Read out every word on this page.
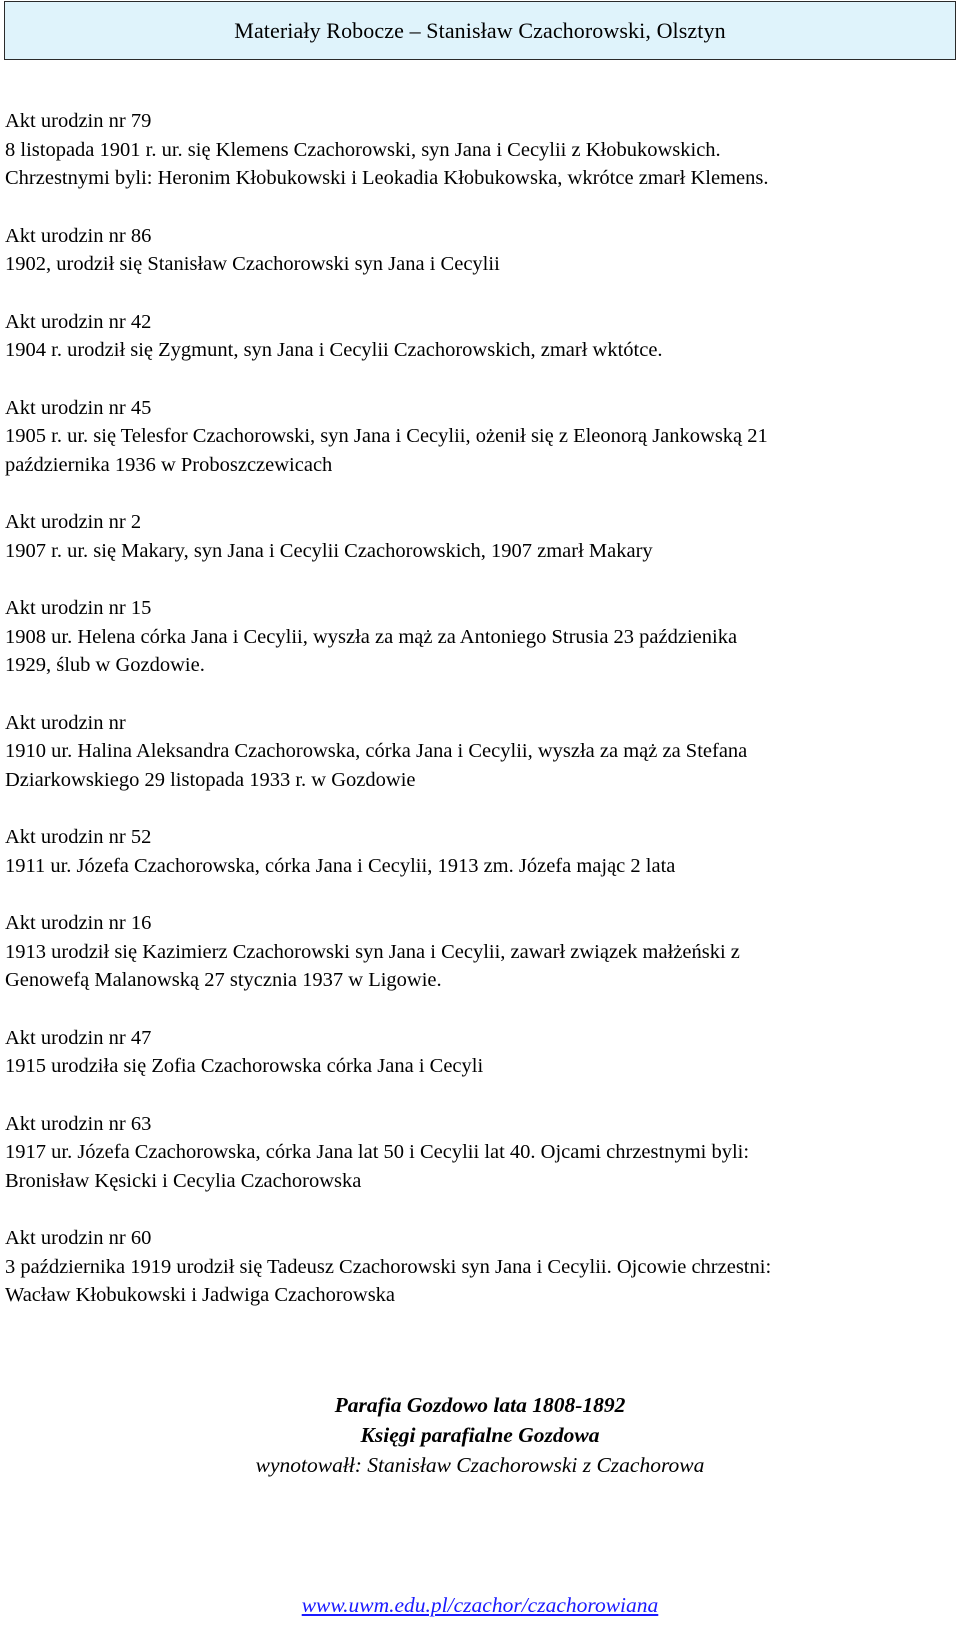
Materiały Robocze – Stanisław Czachorowski, Olsztyn

Akt urodzin nr 79

8 listopada 1901 r. ur. się Klemens Czachorowski, syn Jana i Cecylii z Kłobukowskich.

Chrzestnymi byli: Heronim Kłobukowski i Leokadia Kłobukowska, wkrótce zmarł Klemens.

Akt urodzin nr 86

1902, urodził się Stanisław Czachorowski syn Jana i Cecylii

Akt urodzin nr 42

1904 r. urodził się Zygmunt, syn Jana i Cecylii Czachorowskich, zmarł wktótce.

Akt urodzin nr 45

1905 r. ur. się Telesfor Czachorowski, syn Jana i Cecylii, ożenił się z Eleonorą Jankowską 21

października 1936 w Proboszczewicach

Akt urodzin nr 2

1907 r. ur. się Makary, syn Jana i Cecylii Czachorowskich, 1907 zmarł Makary

Akt urodzin nr 15

1908 ur. Helena córka Jana i Cecylii, wyszła za mąż za Antoniego Strusia 23 paździenika

1929, ślub w Gozdowie.

Akt urodzin nr

1910 ur. Halina Aleksandra Czachorowska, córka Jana i Cecylii, wyszła za mąż za Stefana

Dziarkowskiego 29 listopada 1933 r. w Gozdowie

Akt urodzin nr 52

1911 ur. Józefa Czachorowska, córka Jana i Cecylii, 1913 zm. Józefa mając 2 lata

Akt urodzin nr 16

1913 urodził się Kazimierz Czachorowski syn Jana i Cecylii, zawarł związek małżeński z

Genowefą Malanowską 27 stycznia 1937 w Ligowie.

Akt urodzin nr 47

1915 urodziła się Zofia Czachorowska córka Jana i Cecyli

Akt urodzin nr 63

1917 ur. Józefa Czachorowska, córka Jana lat 50 i Cecylii lat 40. Ojcami chrzestnymi byli:

Bronisław Kęsicki i Cecylia Czachorowska

Akt urodzin nr 60

3 października 1919 urodził się Tadeusz Czachorowski syn Jana i Cecylii. Ojcowie chrzestni:

Wacław Kłobukowski i Jadwiga Czachorowska

Parafia Gozdowo lata 1808-1892
Księgi parafialne Gozdowa
wynotowałł: Stanisław Czachorowski z Czachorowa
www.uwm.edu.pl/czachor/czachorowiana
